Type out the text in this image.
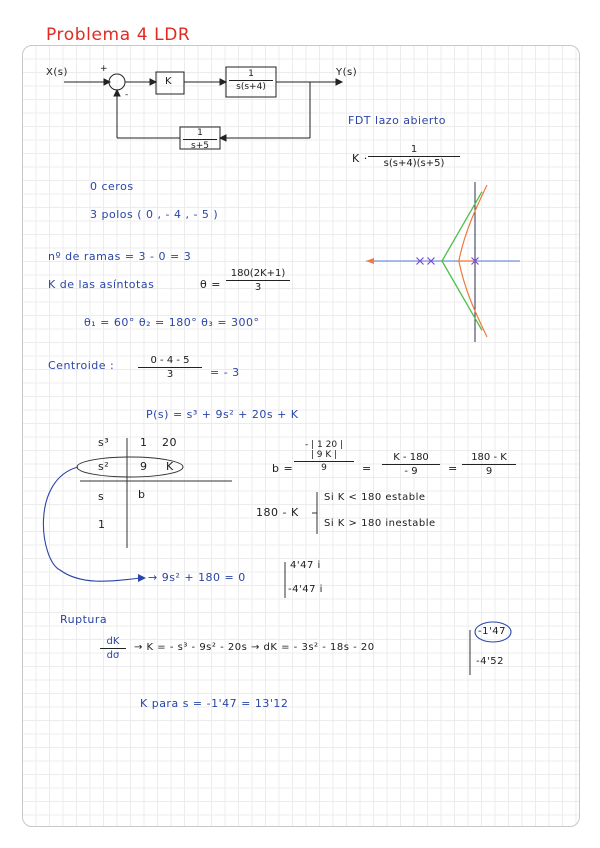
Problema 4 LDR
X(s)	+
-
K	$\frac{1}{s(s+4)}$	Y(s)
$\frac{1}{s+5}$
FDT lazo abierto
$K \cdot \frac{1}{s(s+4)(s+5)}$
0 ceros
3 polos ( 0 , - 4 , - 5 )
nº de ramas = 3 - 0 = 3
K de las asíntotas	$\theta = \frac{180(2K+1)}{3}$
θ₁ = 60° θ₂ = 180° θ₃ = 300°
Centroide : $\frac{0 - 4 - 5}{3}$ = - 3
P(s) = s³ + 9s² + 20s + K
s³	1 20
s²	9 K
s	b
1
b = - | 1 20 |
| 9 K |
$9 = \frac{K - 180}{- 9} = \frac{180 - K}{9}$
180 - K
Si K < 180 estable
Si K > 180 inestable
→ 9s² + 180 = 0
4'47 i
-4'47 i
Ruptura
$\frac{dK}{d\sigma} \to K$ = - s³ - 9s² - 20s → dK = - 3s² - 18s - 20
-1'47
-4'52
K para s = -1'47 = 13'12
